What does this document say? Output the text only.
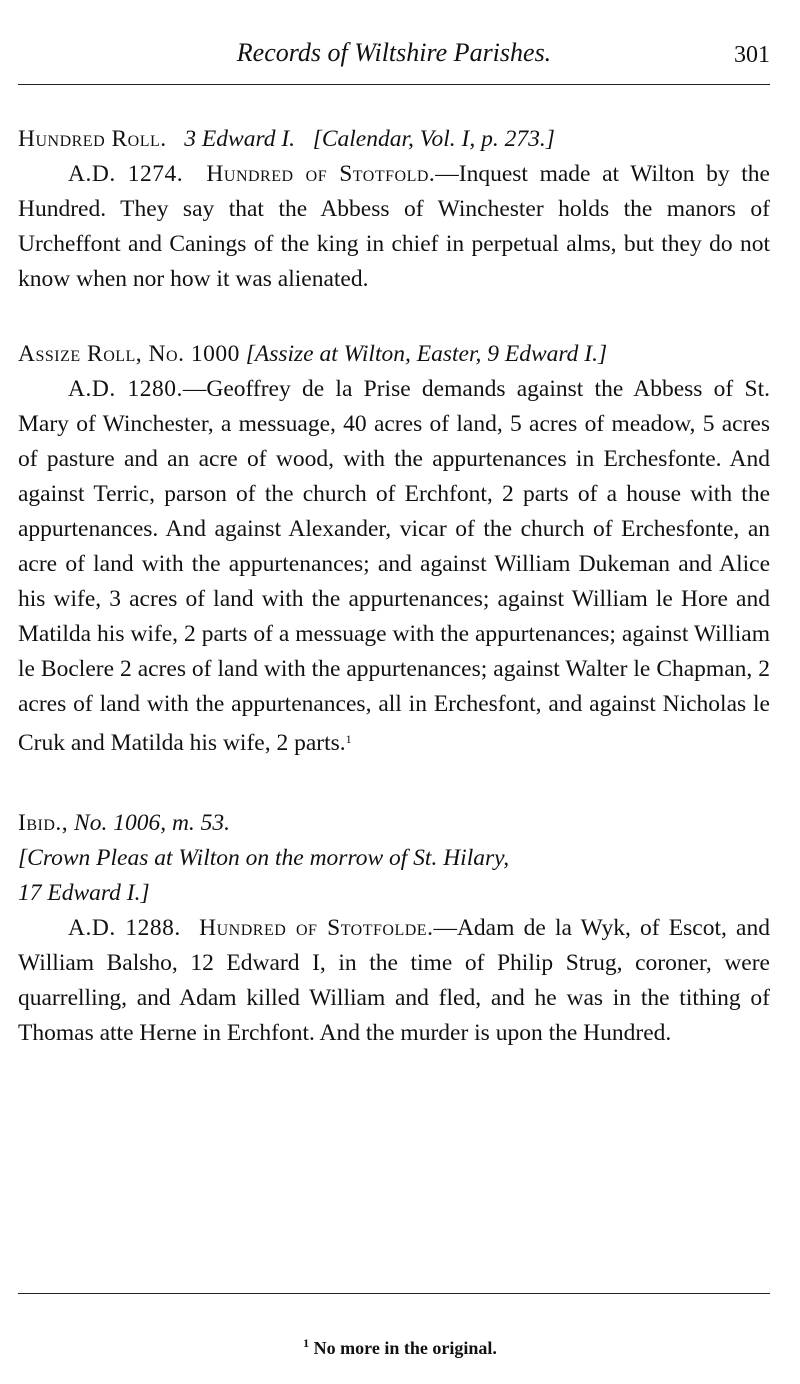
Records of Wiltshire Parishes.	301

Hundred Roll. 3 Edward I. [Calendar, Vol. I, p. 273.]

A.D. 1274. Hundred of Stotfold.—Inquest made at Wilton by the Hundred. They say that the Abbess of Winchester holds the manors of Urcheffont and Canings of the king in chief in perpetual alms, but they do not know when nor how it was alienated.

Assize Roll, No. 1000 [Assize at Wilton, Easter, 9 Edward I.]

A.D. 1280.—Geoffrey de la Prise demands against the Abbess of St. Mary of Winchester, a messuage, 40 acres of land, 5 acres of meadow, 5 acres of pasture and an acre of wood, with the appurtenances in Erchesfonte. And against Terric, parson of the church of Erchfont, 2 parts of a house with the appurtenances. And against Alexander, vicar of the church of Erchesfonte, an acre of land with the appurtenances; and against William Dukeman and Alice his wife, 3 acres of land with the appurtenances; against William le Hore and Matilda his wife, 2 parts of a messuage with the appurtenances; against William le Boclere 2 acres of land with the appurtenances; against Walter le Chapman, 2 acres of land with the appurtenances, all in Erchesfont, and against Nicholas le Cruk and Matilda his wife, 2 parts.$^1$

Ibid., No. 1006, m. 53.

[Crown Pleas at Wilton on the morrow of St. Hilary,

17 Edward I.]

A.D. 1288. Hundred of Stotfolde.—Adam de la Wyk, of Escot, and William Balsho, 12 Edward I, in the time of Philip Strug, coroner, were quarrelling, and Adam killed William and fled, and he was in the tithing of Thomas atte Herne in Erchfont. And the murder is upon the Hundred.

$^1$ No more in the original.
